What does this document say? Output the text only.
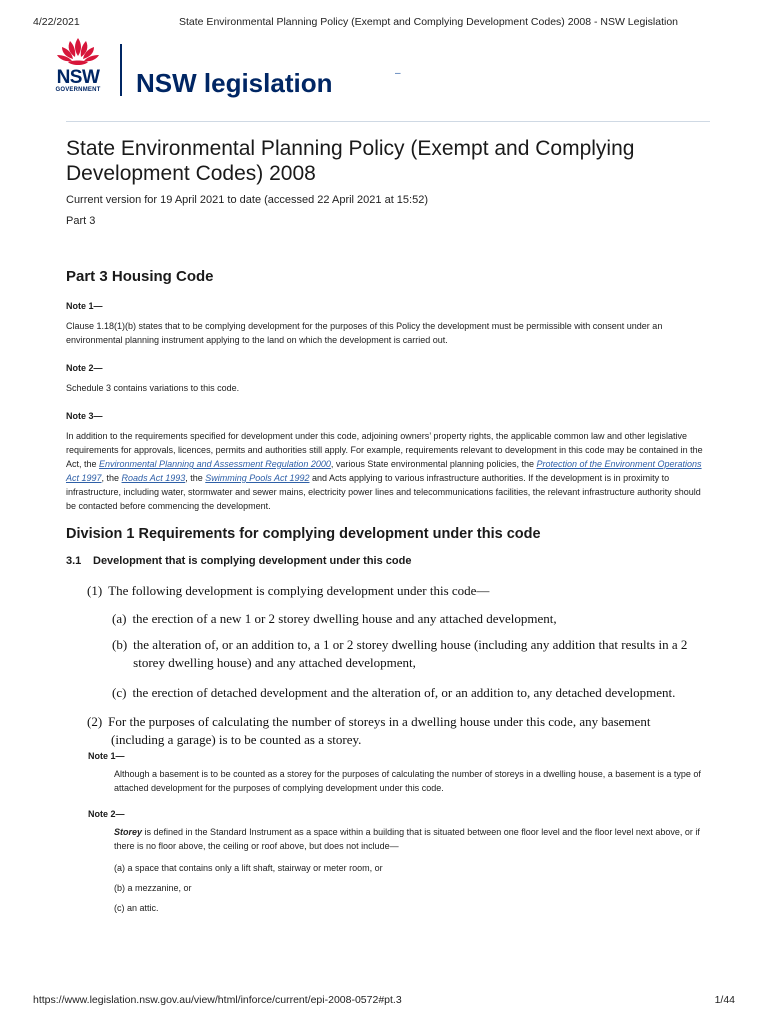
4/22/2021	State Environmental Planning Policy (Exempt and Complying Development Codes) 2008 - NSW Legislation
NSW
GOVERNMENT NSW legislation	–
State Environmental Planning Policy (Exempt and Complying Development Codes) 2008
Current version for 19 April 2021 to date (accessed 22 April 2021 at 15:52)
Part 3
Part 3 Housing Code
Note 1—
Clause 1.18(1)(b) states that to be complying development for the purposes of this Policy the development must be permissible with consent under an environmental planning instrument applying to the land on which the development is carried out.
Note 2—
Schedule 3 contains variations to this code.
Note 3—
In addition to the requirements specified for development under this code, adjoining owners’ property rights, the applicable common law and other legislative requirements for approvals, licences, permits and authorities still apply. For example, requirements relevant to development in this code may be contained in the Act, the Environmental Planning and Assessment Regulation 2000, various State environmental planning policies, the Protection of the Environment Operations Act 1997, the Roads Act 1993, the Swimming Pools Act 1992 and Acts applying to various infrastructure authorities. If the development is in proximity to infrastructure, including water, stormwater and sewer mains, electricity power lines and telecommunications facilities, the relevant infrastructure authority should be contacted before commencing the development.
Division 1 Requirements for complying development under this code
3.1 Development that is complying development under this code
(1) The following development is complying development under this code—
(a) the erection of a new 1 or 2 storey dwelling house and any attached development,
(b) the alteration of, or an addition to, a 1 or 2 storey dwelling house (including any addition that results in a 2 storey dwelling house) and any attached development,
(c) the erection of detached development and the alteration of, or an addition to, any detached development.
(2) For the purposes of calculating the number of storeys in a dwelling house under this code, any basement
(including a garage) is to be counted as a storey.
Note 1—
Although a basement is to be counted as a storey for the purposes of calculating the number of storeys in a dwelling house, a basement is a type of attached development for the purposes of complying development under this code.
Note 2—
Storey is defined in the Standard Instrument as a space within a building that is situated between one floor level and the floor level next above, or if there is no floor above, the ceiling or roof above, but does not include—
(a) a space that contains only a lift shaft, stairway or meter room, or
(b) a mezzanine, or
(c) an attic.
https://www.legislation.nsw.gov.au/view/html/inforce/current/epi-2008-0572#pt.3	1/44
